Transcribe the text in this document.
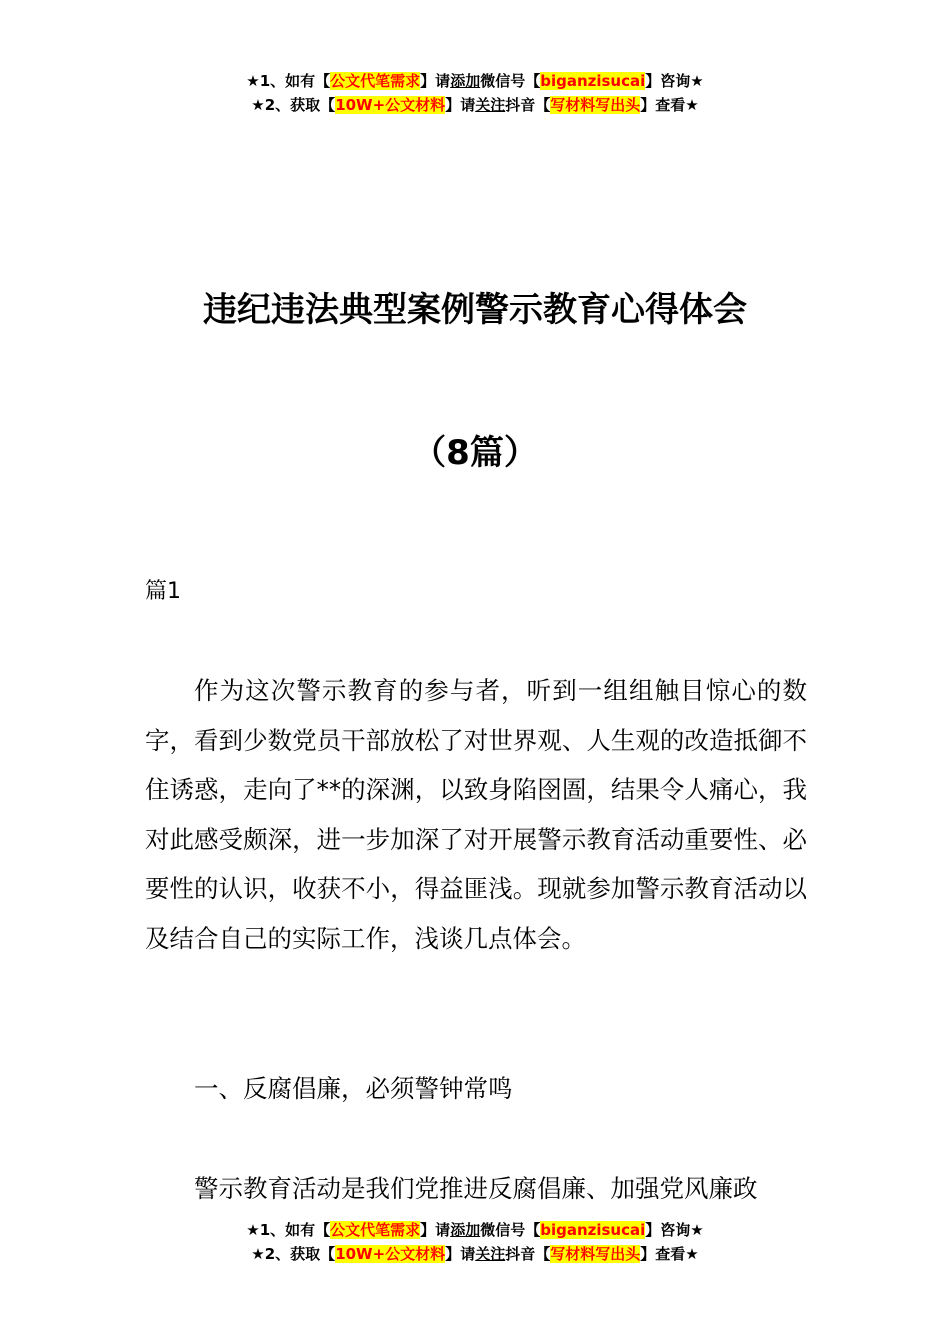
★1、如有【公文代笔需求】请添加微信号【biganzisucai】咨询★
★2、获取【10W+公文材料】请关注抖音【写材料写出头】查看★
违纪违法典型案例警示教育心得体会
（8篇）
篇1
作为这次警示教育的参与者，听到一组组触目惊心的数字，看到少数党员干部放松了对世界观、人生观的改造抵御不住诱惑，走向了**的深渊，以致身陷囹圄，结果令人痛心，我对此感受颇深，进一步加深了对开展警示教育活动重要性、必要性的认识，收获不小，得益匪浅。现就参加警示教育活动以及结合自己的实际工作，浅谈几点体会。
一、反腐倡廉，必须警钟常鸣
警示教育活动是我们党推进反腐倡廉、加强党风廉政
★1、如有【公文代笔需求】请添加微信号【biganzisucai】咨询★
★2、获取【10W+公文材料】请关注抖音【写材料写出头】查看★
